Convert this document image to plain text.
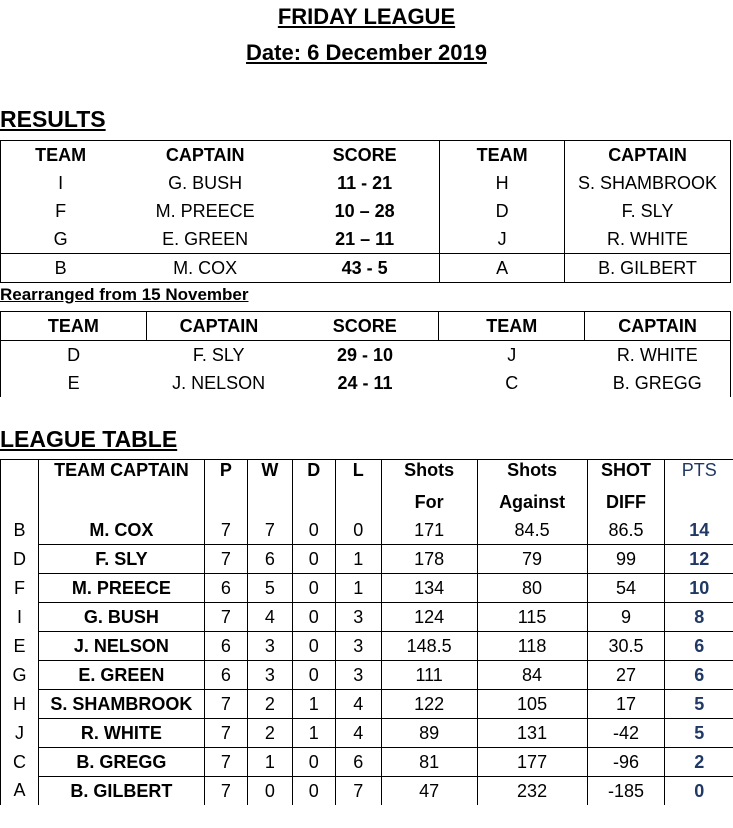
FRIDAY LEAGUE
Date: 6 December 2019
RESULTS
TEAM	CAPTAIN	SCORE	TEAM	CAPTAIN
I	G. BUSH	11 - 21	H	S. SHAMBROOK
F	M. PREECE	10 – 28	D	F. SLY
G	E. GREEN	21 – 11	J	R. WHITE
B	M. COX	43 - 5	A	B. GILBERT
Rearranged from 15 November
TEAM	CAPTAIN	SCORE	TEAM	CAPTAIN
D	F. SLY	29 - 10	J	R. WHITE
E	J. NELSON	24 - 11	C	B. GREGG
LEAGUE TABLE
	TEAM CAPTAIN	P	W	D	L	Shots	Shots	SHOT	PTS
						For	Against	DIFF	
B	M. COX	7	7	0	0	171	84.5	86.5	14
D	F. SLY	7	6	0	1	178	79	99	12
F	M. PREECE	6	5	0	1	134	80	54	10
I	G. BUSH	7	4	0	3	124	115	9	8
E	J. NELSON	6	3	0	3	148.5	118	30.5	6
G	E. GREEN	6	3	0	3	111	84	27	6
H	S. SHAMBROOK	7	2	1	4	122	105	17	5
J	R. WHITE	7	2	1	4	89	131	-42	5
C	B. GREGG	7	1	0	6	81	177	-96	2
A	B. GILBERT	7	0	0	7	47	232	-185	0
